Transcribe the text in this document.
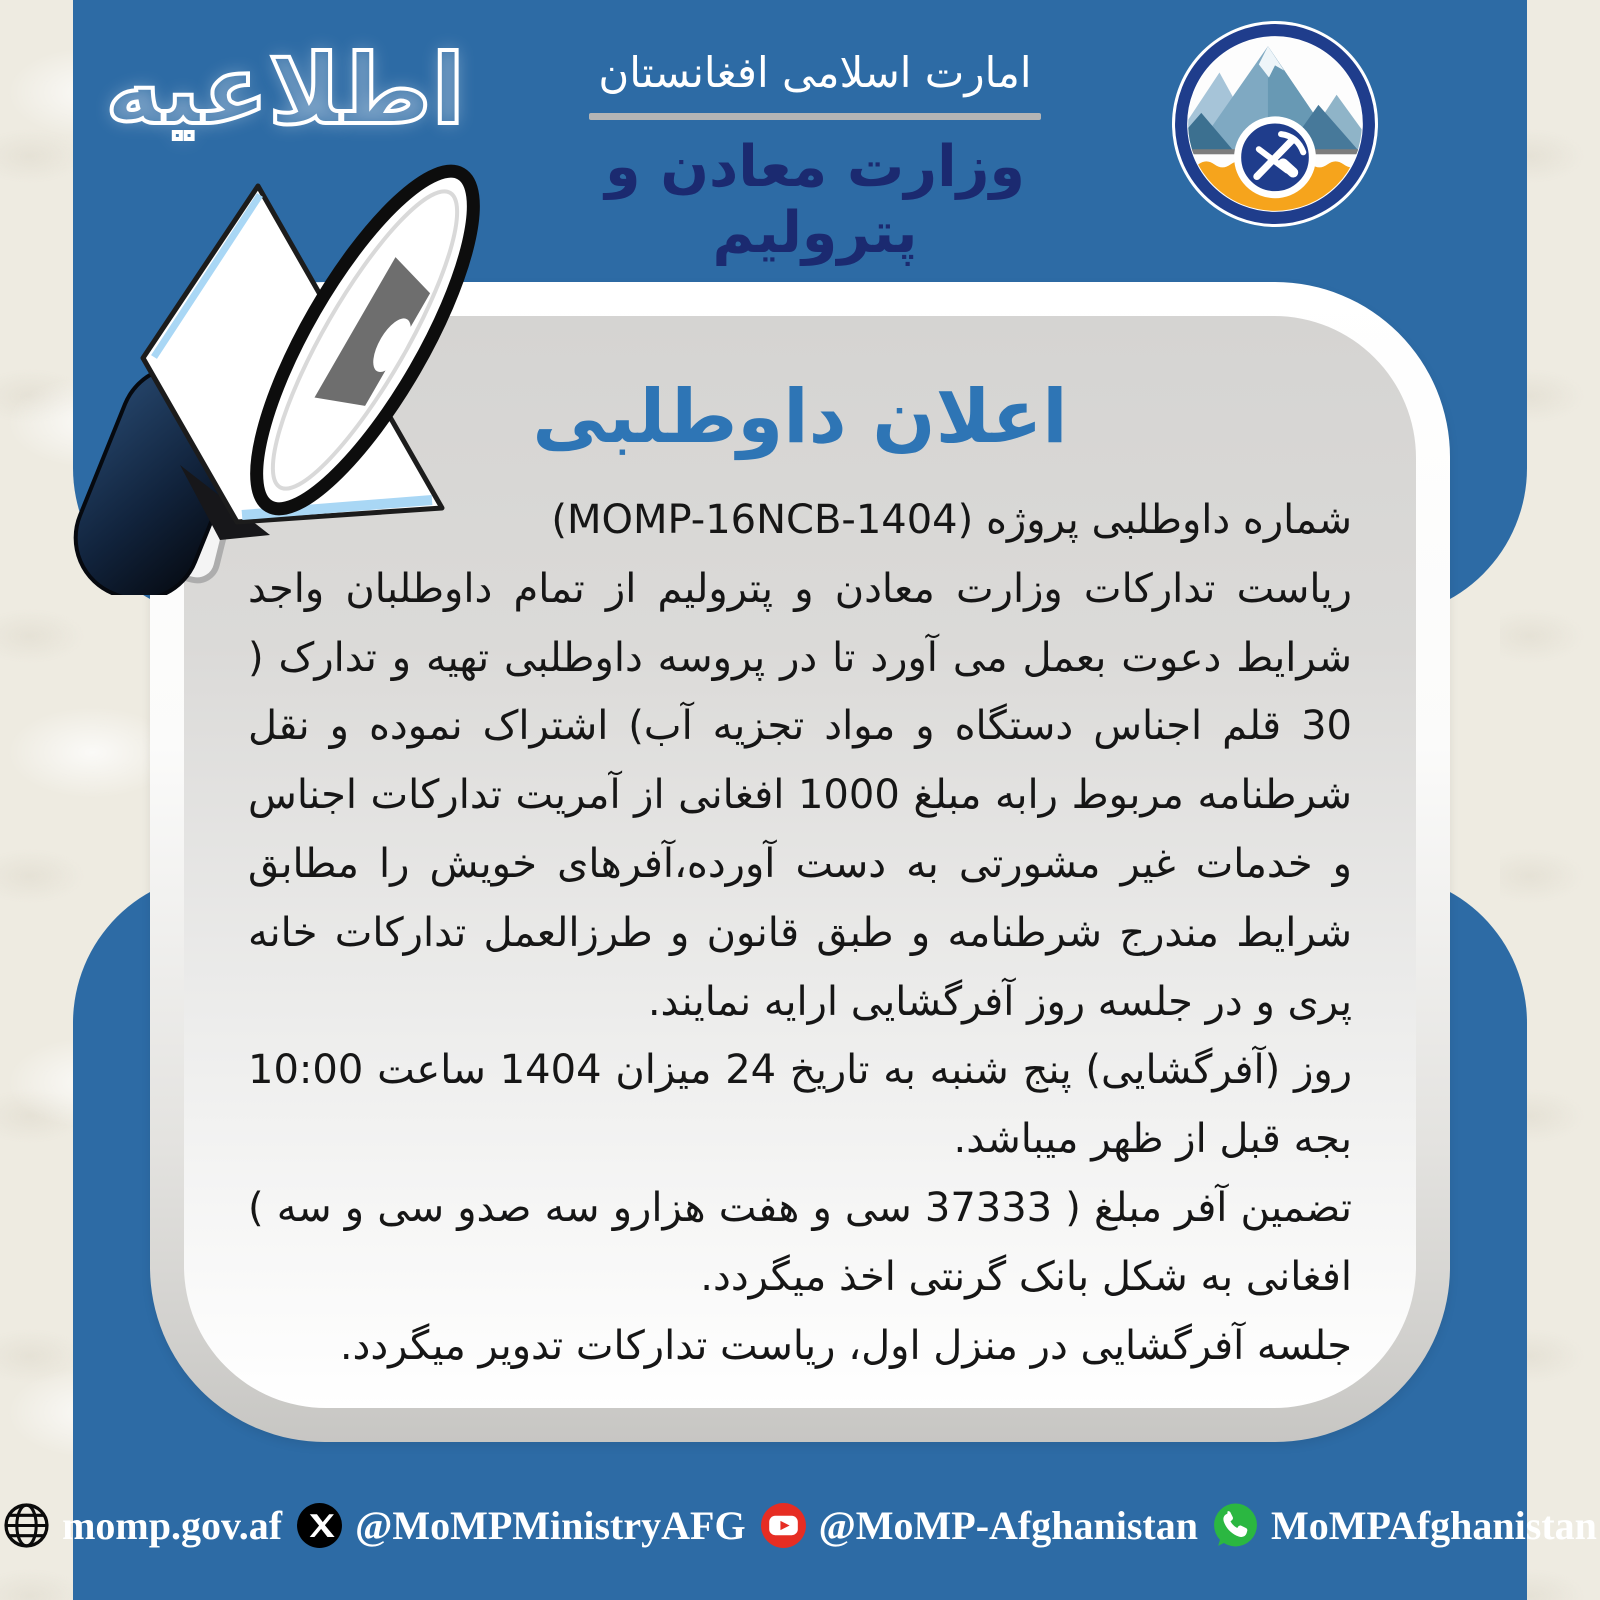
اعلان داوطلبی

شماره داوطلبی پروژه (MOMP-16NCB-1404)

ریاست تدارکات وزارت معادن و پترولیم از تمام داوطلبان واجد شرایط دعوت بعمل می آورد تا در پروسه داوطلبی تهیه و تدارک ( 30 قلم اجناس دستگاه و مواد تجزیه آب) اشتراک نموده و نقل شرطنامه مربوط رابه مبلغ 1000 افغانی از آمریت تدارکات اجناس و خدمات غیر مشورتی به دست آورده،آفرهای خویش را مطابق شرایط مندرج شرطنامه و طبق قانون و طرزالعمل تدارکات خانه پری و در جلسه روز آفرگشایی ارایه نمایند.

روز (آفرگشایی) پنج شنبه به تاریخ 24 میزان 1404 ساعت 10:00 بجه قبل از ظهر میباشد.

تضمین آفر مبلغ ( 37333 سی و هفت هزارو سه صدو سی و سه ) افغانی به شکل بانک گرنتی اخذ میگردد.

جلسه آفرگشایی در منزل اول، ریاست تدارکات تدویر میگردد.

اطلاعیه	امارت اسلامی افغانستان
وزارت معادن و پترولیم
momp.gov.af @MoMPMinistryAFG @MoMP-Afghanistan MoMPAfghanistan
